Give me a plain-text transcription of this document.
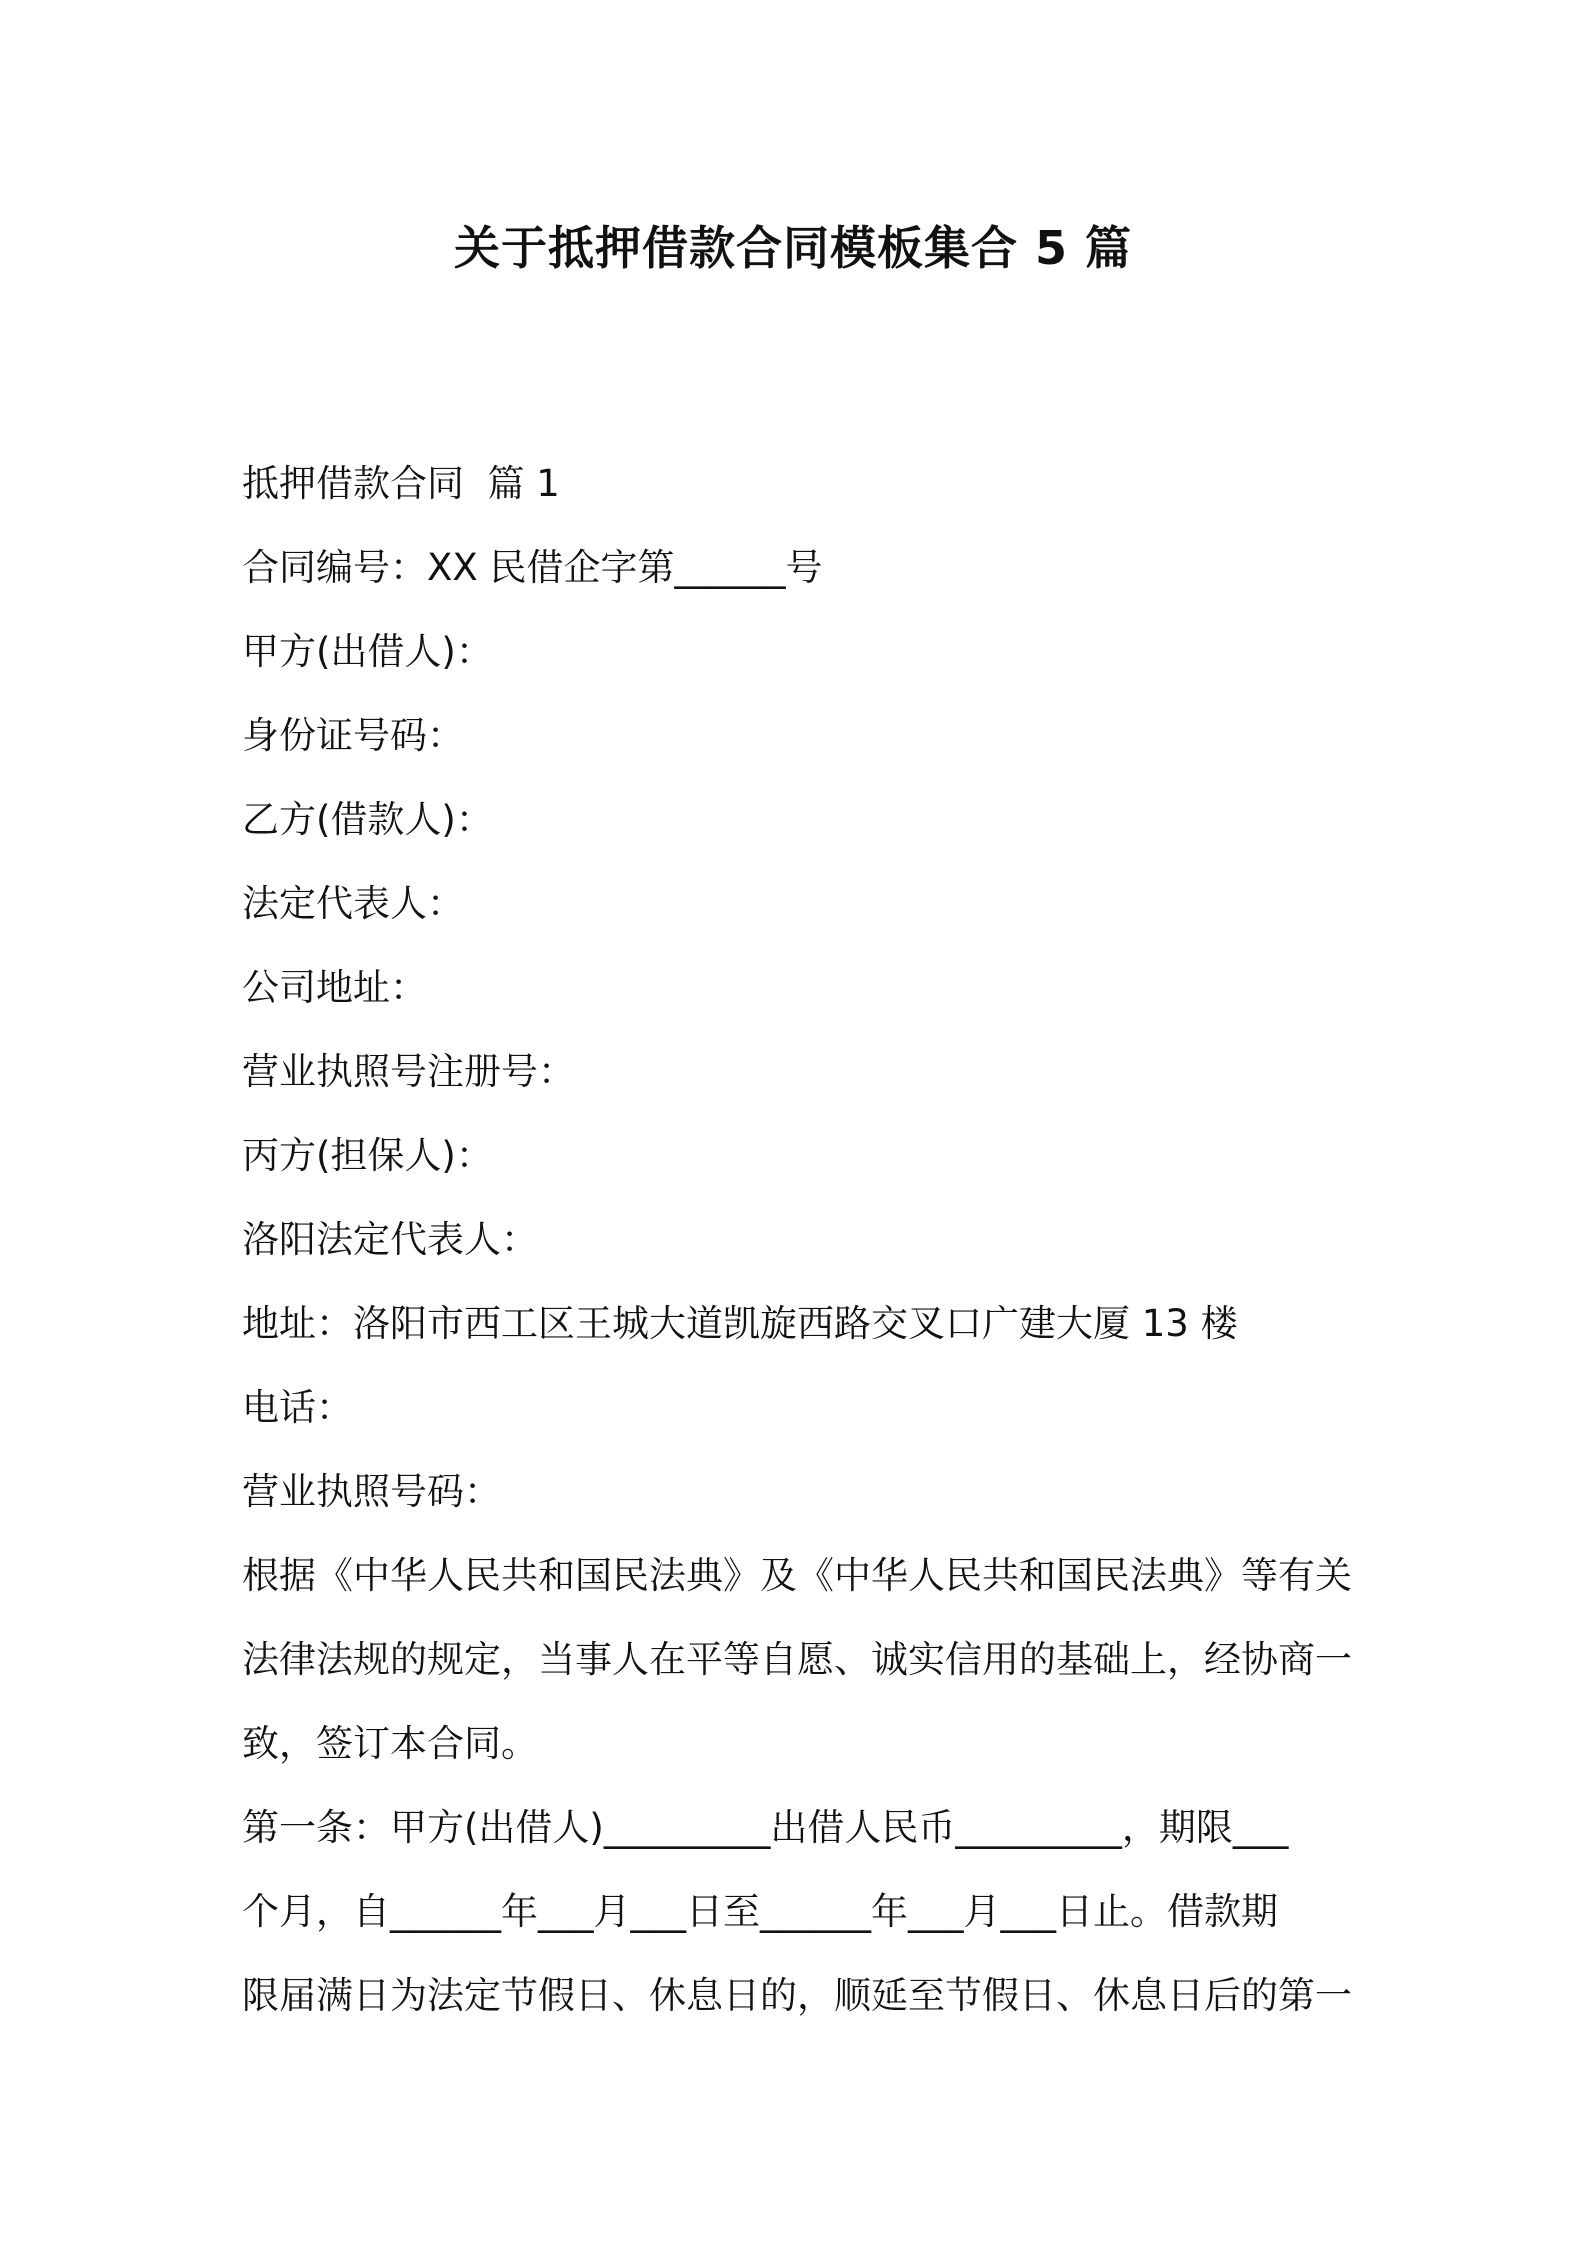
关于抵押借款合同模板集合 5 篇
抵押借款合同  篇 1
合同编号：XX 民借企字第______号
甲方(出借人)：
身份证号码：
乙方(借款人)：
法定代表人：
公司地址：
营业执照号注册号：
丙方(担保人)：
洛阳法定代表人：
地址：洛阳市西工区王城大道凯旋西路交叉口广建大厦 13 楼
电话：
营业执照号码：
根据《中华人民共和国民法典》及《中华人民共和国民法典》等有关
法律法规的规定，当事人在平等自愿、诚实信用的基础上，经协商一
致，签订本合同。
第一条：甲方(出借人)_________出借人民币_________，期限___
个月，自______年___月___日至______年___月___日止。借款期
限届满日为法定节假日、休息日的，顺延至节假日、休息日后的第一
